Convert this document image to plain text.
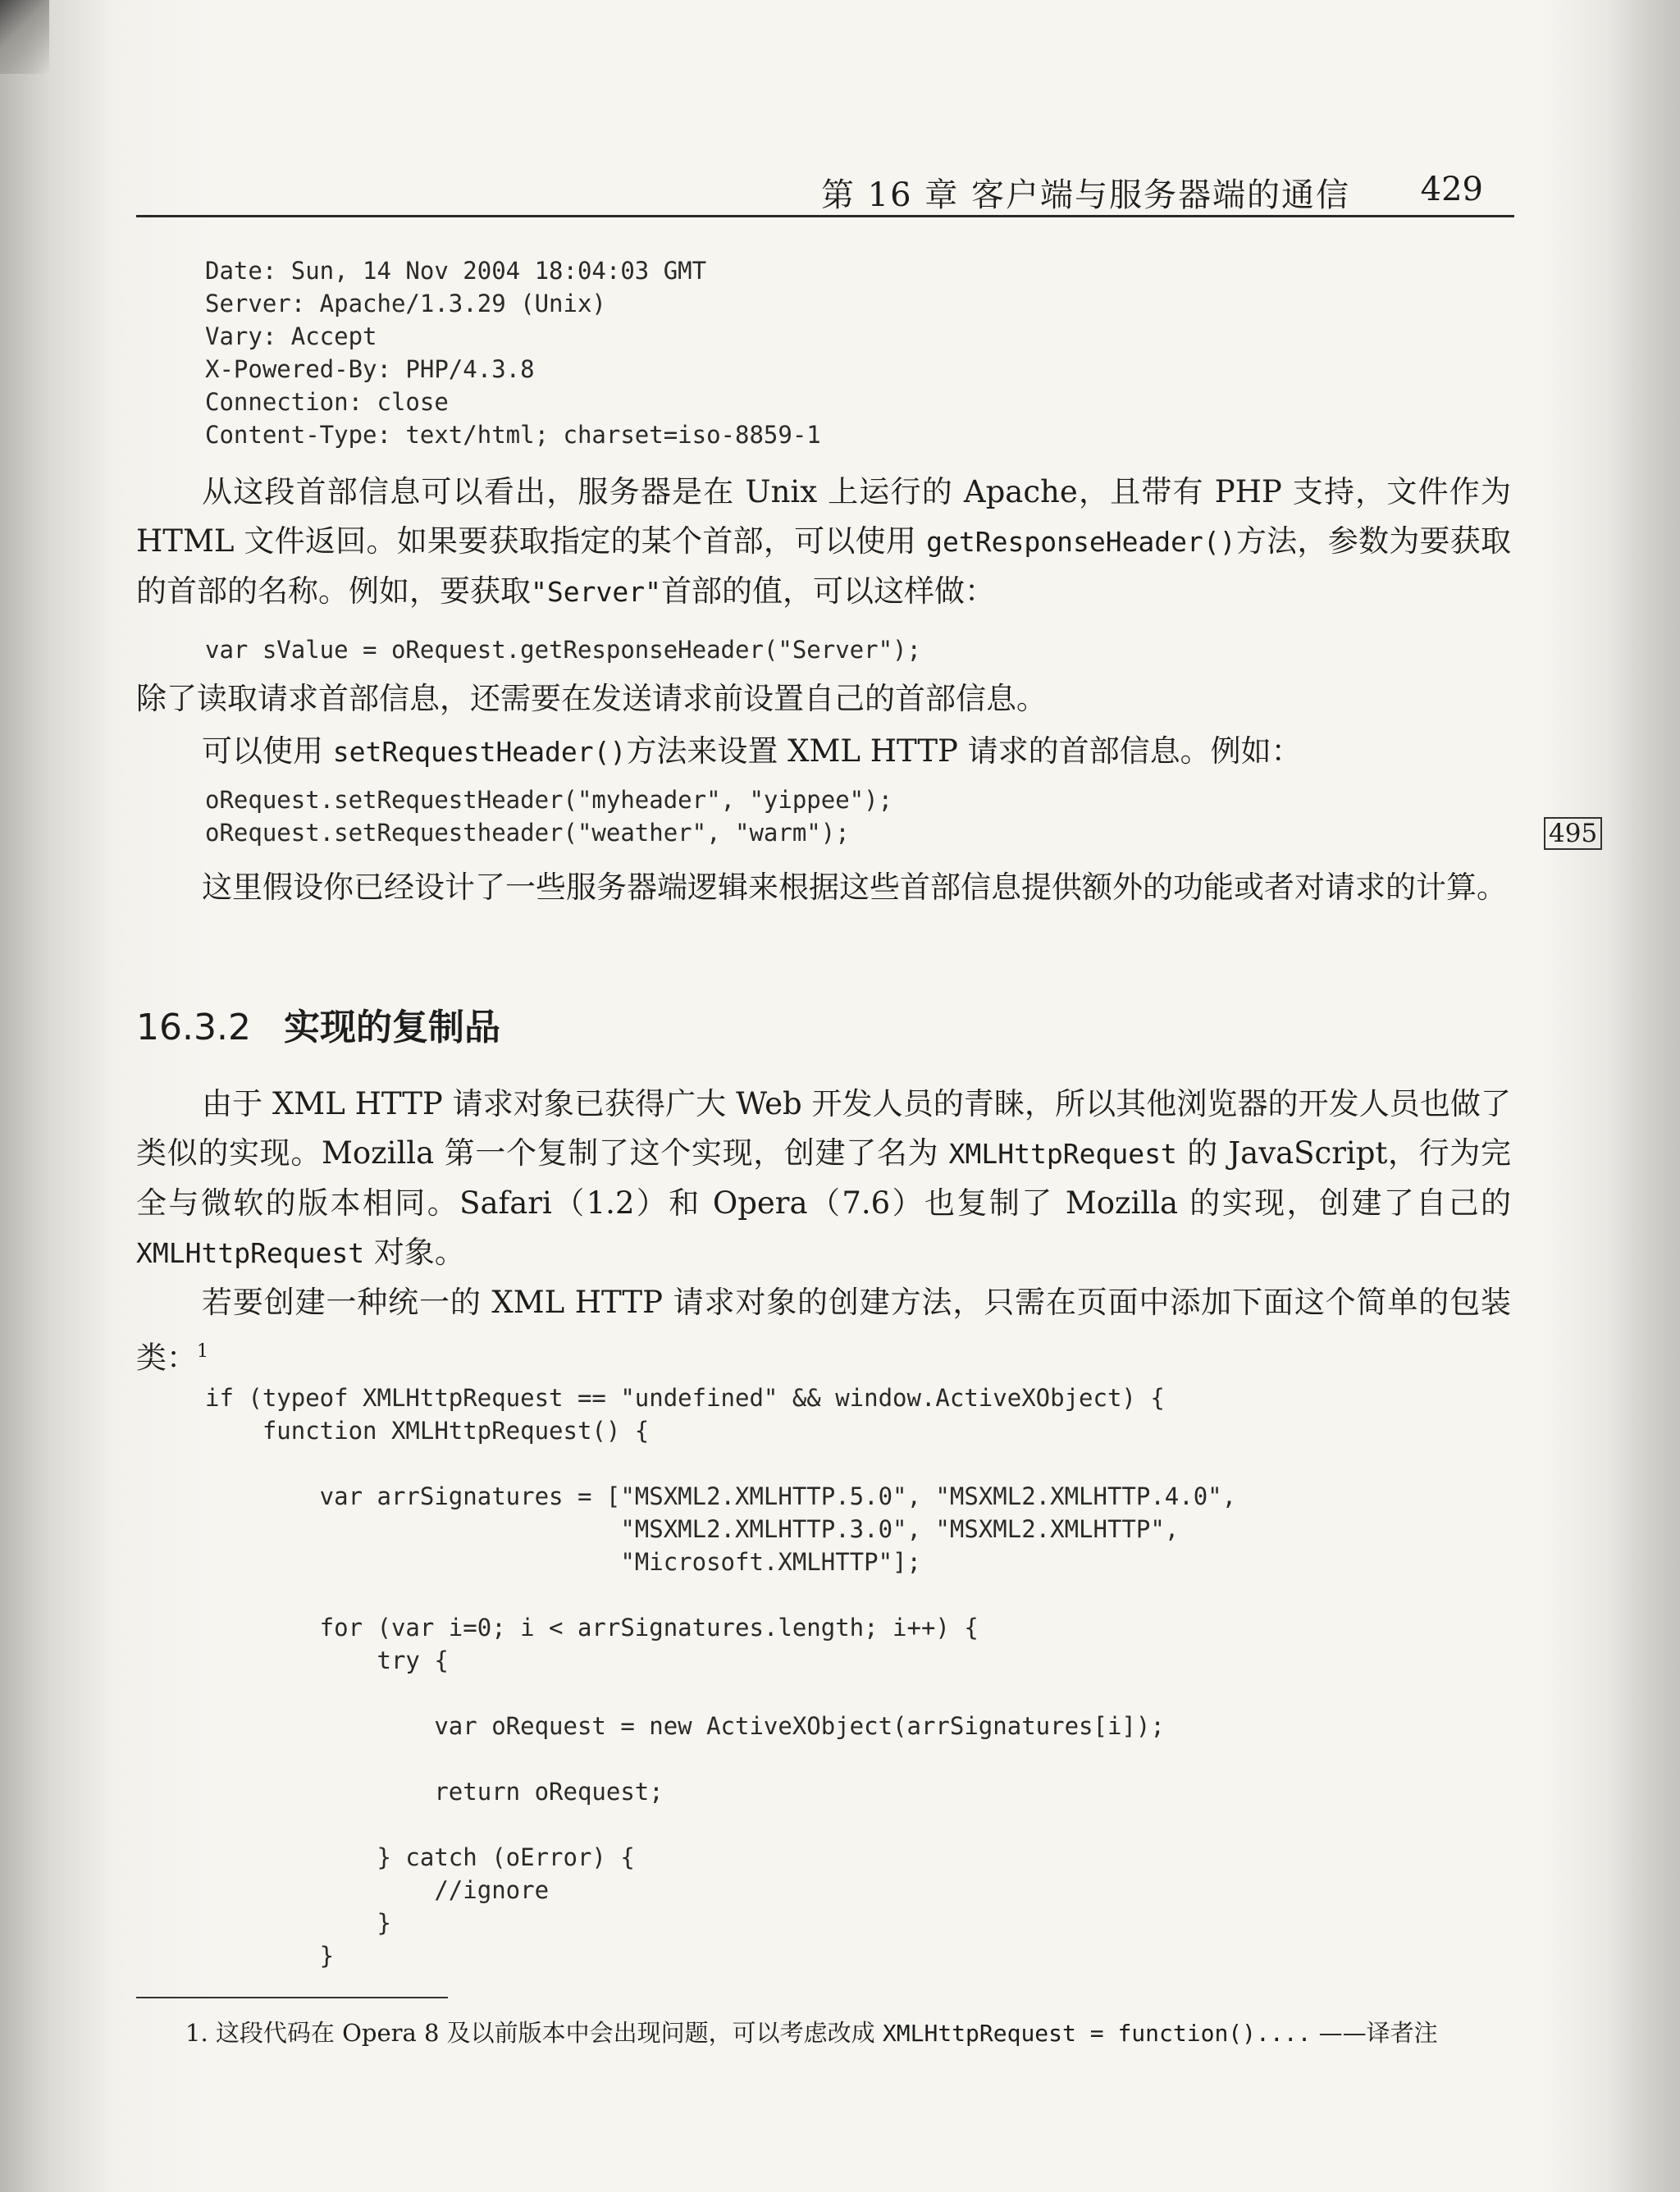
第 16 章 客户端与服务器端的通信 429
495
Date: Sun, 14 Nov 2004 18:04:03 GMT
Server: Apache/1.3.29 (Unix)
Vary: Accept
X-Powered-By: PHP/4.3.8
Connection: close
Content-Type: text/html; charset=iso-8859-1
从这段首部信息可以看出，服务器是在 Unix 上运行的 Apache，且带有 PHP 支持，文件作为 HTML 文件返回。如果要获取指定的某个首部，可以使用 getResponseHeader()方法，参数为要获取的首部的名称。例如，要获取"Server"首部的值，可以这样做：
var sValue = oRequest.getResponseHeader("Server");
除了读取请求首部信息，还需要在发送请求前设置自己的首部信息。
可以使用 setRequestHeader()方法来设置 XML HTTP 请求的首部信息。例如：
oRequest.setRequestHeader("myheader", "yippee");
oRequest.setRequestheader("weather", "warm");
这里假设你已经设计了一些服务器端逻辑来根据这些首部信息提供额外的功能或者对请求的计算。
16.3.2 实现的复制品
由于 XML HTTP 请求对象已获得广大 Web 开发人员的青睐，所以其他浏览器的开发人员也做了类似的实现。Mozilla 第一个复制了这个实现，创建了名为 XMLHttpRequest 的 JavaScript，行为完全与微软的版本相同。Safari（1.2）和 Opera（7.6）也复制了 Mozilla 的实现，创建了自己的 XMLHttpRequest 对象。
若要创建一种统一的 XML HTTP 请求对象的创建方法，只需在页面中添加下面这个简单的包装类：$^1$
if (typeof XMLHttpRequest == "undefined" && window.ActiveXObject) {
function XMLHttpRequest() {

var arrSignatures = ["MSXML2.XMLHTTP.5.0", "MSXML2.XMLHTTP.4.0",
"MSXML2.XMLHTTP.3.0", "MSXML2.XMLHTTP",
"Microsoft.XMLHTTP"];

for (var i=0; i < arrSignatures.length; i++) {
try {

var oRequest = new ActiveXObject(arrSignatures[i]);

return oRequest;

} catch (oError) {
//ignore
}
}
1. 这段代码在 Opera 8 及以前版本中会出现问题，可以考虑改成 XMLHttpRequest = function().... ——译者注
